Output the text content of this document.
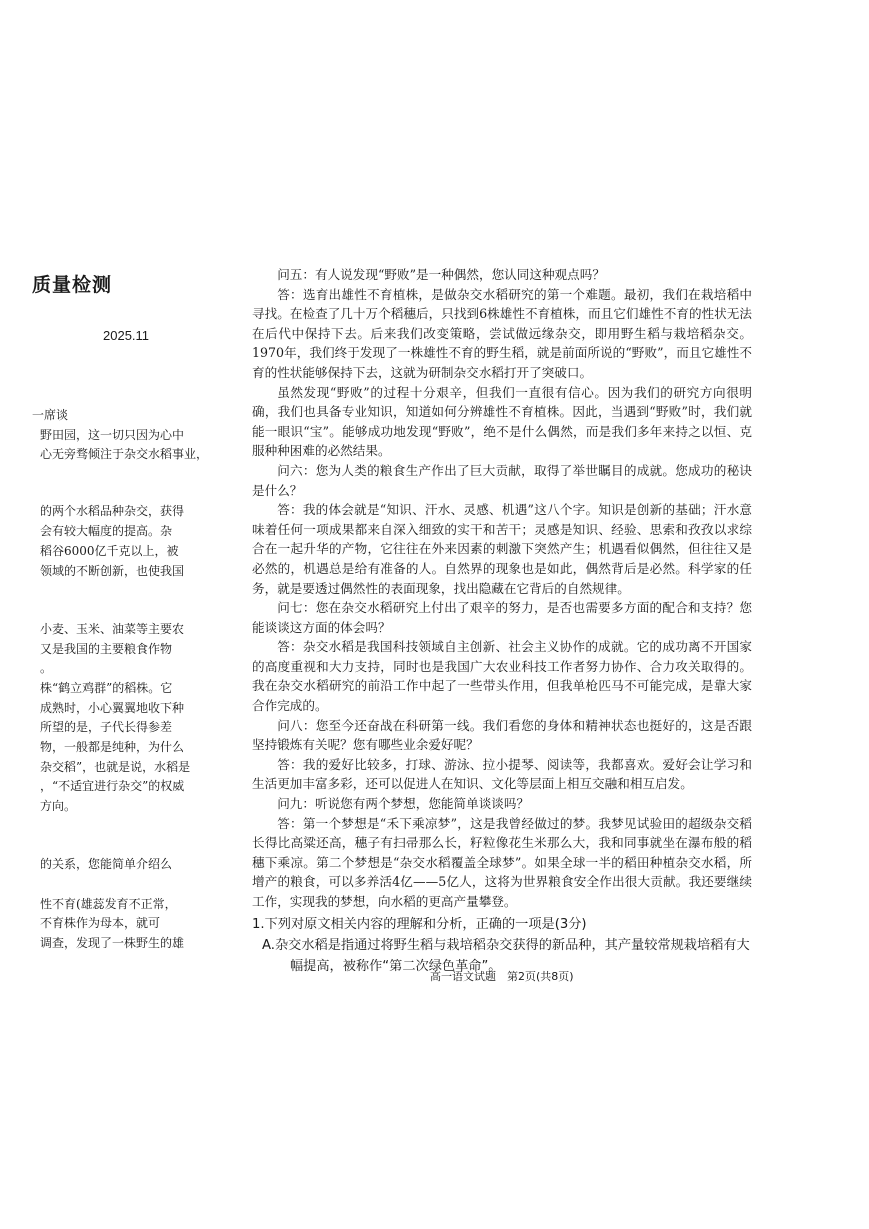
质量检测
2025.11
一席谈
野田园，这一切只因为心中
心无旁骛倾注于杂交水稻事业，
的两个水稻品种杂交，获得
会有较大幅度的提高。杂
稻谷6000亿千克以上，被
领域的不断创新，也使我国
小麦、玉米、油菜等主要农
又是我国的主要粮食作物
。
株“鹤立鸡群”的稻株。它
成熟时，小心翼翼地收下种
所望的是，子代长得参差
物，一般都是纯种，为什么
杂交稻”，也就是说，水稻是
，“不适宜进行杂交”的权威
方向。
的关系，您能简单介绍么
性不育(雄蕊发育不正常，
不育株作为母本，就可
调查，发现了一株野生的雄

问五：有人说发现“野败”是一种偶然，您认同这种观点吗？

答：选育出雄性不育植株，是做杂交水稻研究的第一个难题。最初，我们在栽培稻中寻找。在检查了几十万个稻穗后，只找到6株雄性不育植株，而且它们雄性不育的性状无法在后代中保持下去。后来我们改变策略，尝试做远缘杂交，即用野生稻与栽培稻杂交。1970年，我们终于发现了一株雄性不育的野生稻，就是前面所说的“野败”，而且它雄性不育的性状能够保持下去，这就为研制杂交水稻打开了突破口。

虽然发现“野败”的过程十分艰辛，但我们一直很有信心。因为我们的研究方向很明确，我们也具备专业知识，知道如何分辨雄性不育植株。因此，当遇到“野败”时，我们就能一眼识“宝”。能够成功地发现“野败”，绝不是什么偶然，而是我们多年来持之以恒、克服种种困难的必然结果。

问六：您为人类的粮食生产作出了巨大贡献，取得了举世瞩目的成就。您成功的秘诀是什么？

答：我的体会就是“知识、汗水、灵感、机遇”这八个字。知识是创新的基础；汗水意味着任何一项成果都来自深入细致的实干和苦干；灵感是知识、经验、思索和孜孜以求综合在一起升华的产物，它往往在外来因素的刺激下突然产生；机遇看似偶然，但往往又是必然的，机遇总是给有准备的人。自然界的现象也是如此，偶然背后是必然。科学家的任务，就是要透过偶然性的表面现象，找出隐藏在它背后的自然规律。

问七：您在杂交水稻研究上付出了艰辛的努力，是否也需要多方面的配合和支持？您能谈谈这方面的体会吗？

答：杂交水稻是我国科技领域自主创新、社会主义协作的成就。它的成功离不开国家的高度重视和大力支持，同时也是我国广大农业科技工作者努力协作、合力攻关取得的。我在杂交水稻研究的前沿工作中起了一些带头作用，但我单枪匹马不可能完成，是靠大家合作完成的。

问八：您至今还奋战在科研第一线。我们看您的身体和精神状态也挺好的，这是否跟坚持锻炼有关呢？您有哪些业余爱好呢？

答：我的爱好比较多，打球、游泳、拉小提琴、阅读等，我都喜欢。爱好会让学习和生活更加丰富多彩，还可以促进人在知识、文化等层面上相互交融和相互启发。

问九：听说您有两个梦想，您能简单谈谈吗？

答：第一个梦想是“禾下乘凉梦”，这是我曾经做过的梦。我梦见试验田的超级杂交稻长得比高粱还高，穗子有扫帚那么长，籽粒像花生米那么大，我和同事就坐在瀑布般的稻穗下乘凉。第二个梦想是“杂交水稻覆盖全球梦”。如果全球一半的稻田种植杂交水稻，所增产的粮食，可以多养活4亿——5亿人，这将为世界粮食安全作出很大贡献。我还要继续工作，实现我的梦想，向水稻的更高产量攀登。

1.下列对原文相关内容的理解和分析，正确的一项是(3分)

A.杂交水稻是指通过将野生稻与栽培稻杂交获得的新品种，其产量较常规栽培稻有大幅提高，被称作“第二次绿色革命”。

高一语文试题　第2页(共8页)
